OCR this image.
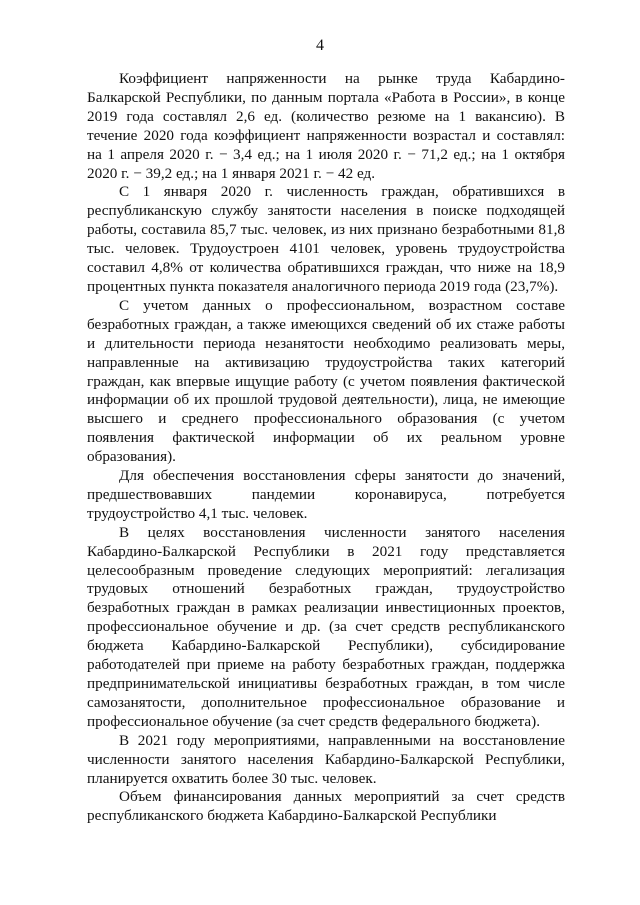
4

Коэффициент напряженности на рынке труда Кабардино-Балкарской Республики, по данным портала «Работа в России», в конце 2019 года составлял 2,6 ед. (количество резюме на 1 вакансию). В течение 2020 года коэффициент напряженности возрастал и составлял: на 1 апреля 2020 г. − 3,4 ед.; на 1 июля 2020 г. − 71,2 ед.; на 1 октября 2020 г. − 39,2 ед.; на 1 января 2021 г. − 42 ед.

С 1 января 2020 г. численность граждан, обратившихся в республиканскую службу занятости населения в поиске подходящей работы, составила 85,7 тыс. человек, из них признано безработными 81,8 тыс. человек. Трудоустроен 4101 человек, уровень трудоустройства составил 4,8% от количества обратившихся граждан, что ниже на 18,9 процентных пункта показателя аналогичного периода 2019 года (23,7%).

С учетом данных о профессиональном, возрастном составе безработных граждан, а также имеющихся сведений об их стаже работы и длительности периода незанятости необходимо реализовать меры, направленные на активизацию трудоустройства таких категорий граждан, как впервые ищущие работу (с учетом появления фактической информации об их прошлой трудовой деятельности), лица, не имеющие высшего и среднего профессионального образования (с учетом появления фактической информации об их реальном уровне образования).

Для обеспечения восстановления сферы занятости до значений, предшествовавших пандемии коронавируса, потребуется трудоустройство 4,1 тыс. человек.

В целях восстановления численности занятого населения Кабардино-Балкарской Республики в 2021 году представляется целесообразным проведение следующих мероприятий: легализация трудовых отношений безработных граждан, трудоустройство безработных граждан в рамках реализации инвестиционных проектов, профессиональное обучение и др. (за счет средств республиканского бюджета Кабардино-Балкарской Республики), субсидирование работодателей при приеме на работу безработных граждан, поддержка предпринимательской инициативы безработных граждан, в том числе самозанятости, дополнительное профессиональное образование и профессиональное обучение (за счет средств федерального бюджета).

В 2021 году мероприятиями, направленными на восстановление численности занятого населения Кабардино-Балкарской Республики, планируется охватить более 30 тыс. человек.

Объем финансирования данных мероприятий за счет средств республиканского бюджета Кабардино-Балкарской Республики
